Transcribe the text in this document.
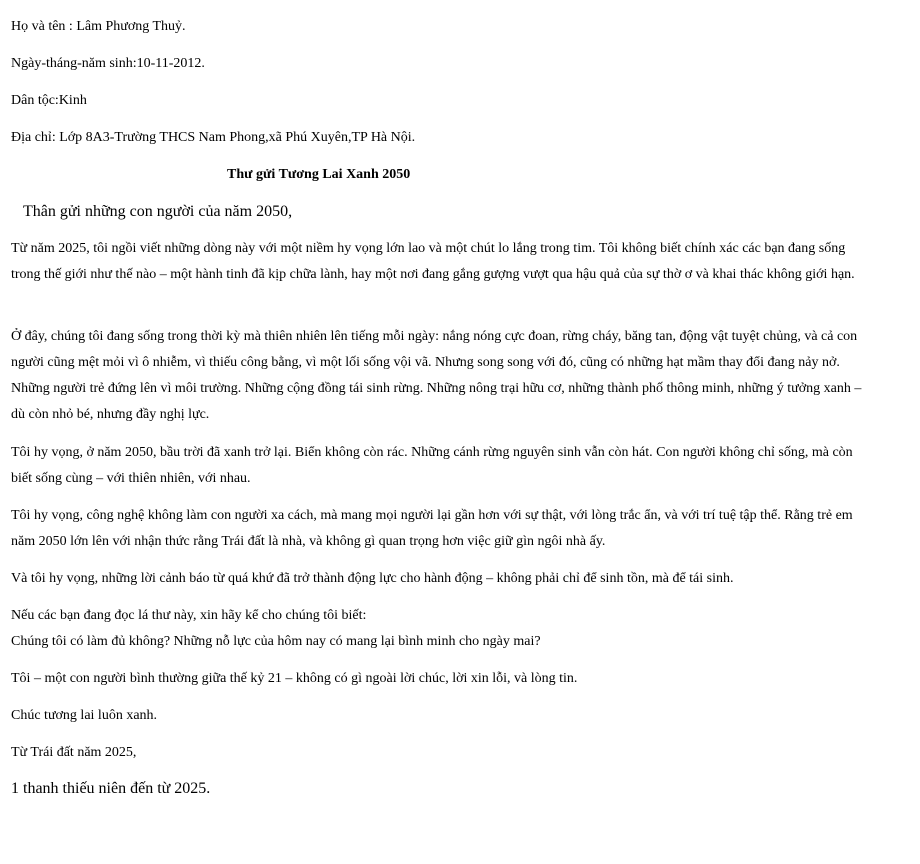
Họ và tên : Lâm Phương Thuỷ.
Ngày-tháng-năm sinh:10-11-2012.
Dân tộc:Kinh
Địa chỉ: Lớp 8A3-Trường THCS Nam Phong,xã Phú Xuyên,TP Hà Nội.
Thư gửi Tương Lai Xanh 2050
Thân gửi những con người của năm 2050,
Từ năm 2025, tôi ngồi viết những dòng này với một niềm hy vọng lớn lao và một chút lo lắng trong tim. Tôi không biết chính xác các bạn đang sống trong thế giới như thế nào – một hành tinh đã kịp chữa lành, hay một nơi đang gắng gượng vượt qua hậu quả của sự thờ ơ và khai thác không giới hạn.
Ở đây, chúng tôi đang sống trong thời kỳ mà thiên nhiên lên tiếng mỗi ngày: nắng nóng cực đoan, rừng cháy, băng tan, động vật tuyệt chủng, và cả con người cũng mệt mỏi vì ô nhiễm, vì thiếu công bằng, vì một lối sống vội vã. Nhưng song song với đó, cũng có những hạt mầm thay đổi đang nảy nở. Những người trẻ đứng lên vì môi trường. Những cộng đồng tái sinh rừng. Những nông trại hữu cơ, những thành phố thông minh, những ý tưởng xanh – dù còn nhỏ bé, nhưng đầy nghị lực.
Tôi hy vọng, ở năm 2050, bầu trời đã xanh trở lại. Biển không còn rác. Những cánh rừng nguyên sinh vẫn còn hát. Con người không chỉ sống, mà còn biết sống cùng – với thiên nhiên, với nhau.
Tôi hy vọng, công nghệ không làm con người xa cách, mà mang mọi người lại gần hơn với sự thật, với lòng trắc ẩn, và với trí tuệ tập thể. Rằng trẻ em năm 2050 lớn lên với nhận thức rằng Trái đất là nhà, và không gì quan trọng hơn việc giữ gìn ngôi nhà ấy.
Và tôi hy vọng, những lời cảnh báo từ quá khứ đã trở thành động lực cho hành động – không phải chỉ để sinh tồn, mà để tái sinh.
Nếu các bạn đang đọc lá thư này, xin hãy kể cho chúng tôi biết:
Chúng tôi có làm đủ không? Những nỗ lực của hôm nay có mang lại bình minh cho ngày mai?
Tôi – một con người bình thường giữa thế kỷ 21 – không có gì ngoài lời chúc, lời xin lỗi, và lòng tin.
Chúc tương lai luôn xanh.
Từ Trái đất năm 2025,
1 thanh thiếu niên đến từ 2025.
